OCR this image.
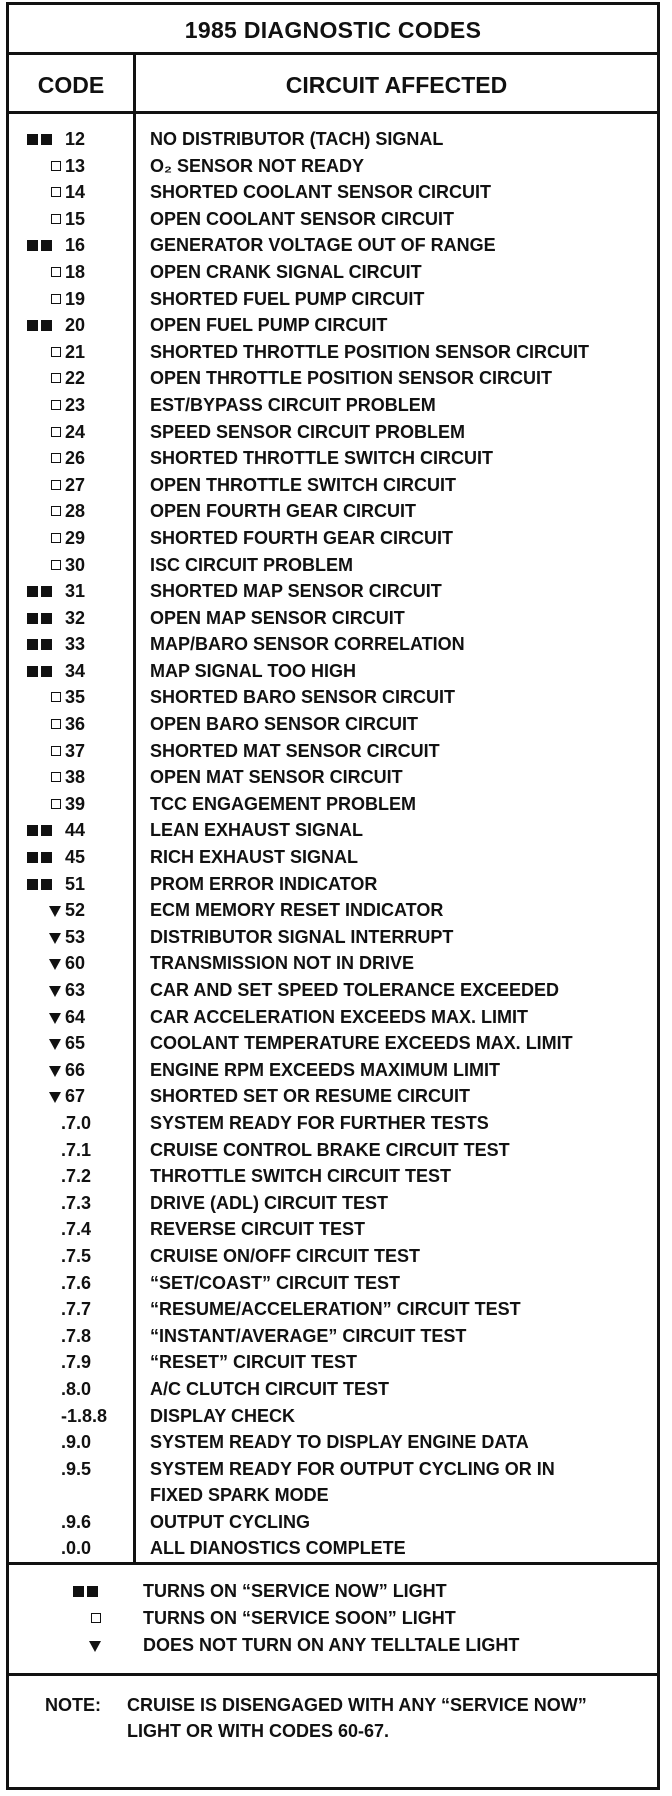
1985 DIAGNOSTIC CODES
CODE	CIRCUIT AFFECTED
12	NO DISTRIBUTOR (TACH) SIGNAL
13	O₂ SENSOR NOT READY
14	SHORTED COOLANT SENSOR CIRCUIT
15	OPEN COOLANT SENSOR CIRCUIT
16	GENERATOR VOLTAGE OUT OF RANGE
18	OPEN CRANK SIGNAL CIRCUIT
19	SHORTED FUEL PUMP CIRCUIT
20	OPEN FUEL PUMP CIRCUIT
21	SHORTED THROTTLE POSITION SENSOR CIRCUIT
22	OPEN THROTTLE POSITION SENSOR CIRCUIT
23	EST/BYPASS CIRCUIT PROBLEM
24	SPEED SENSOR CIRCUIT PROBLEM
26	SHORTED THROTTLE SWITCH CIRCUIT
27	OPEN THROTTLE SWITCH CIRCUIT
28	OPEN FOURTH GEAR CIRCUIT
29	SHORTED FOURTH GEAR CIRCUIT
30	ISC CIRCUIT PROBLEM
31	SHORTED MAP SENSOR CIRCUIT
32	OPEN MAP SENSOR CIRCUIT
33	MAP/BARO SENSOR CORRELATION
34	MAP SIGNAL TOO HIGH
35	SHORTED BARO SENSOR CIRCUIT
36	OPEN BARO SENSOR CIRCUIT
37	SHORTED MAT SENSOR CIRCUIT
38	OPEN MAT SENSOR CIRCUIT
39	TCC ENGAGEMENT PROBLEM
44	LEAN EXHAUST SIGNAL
45	RICH EXHAUST SIGNAL
51	PROM ERROR INDICATOR
52	ECM MEMORY RESET INDICATOR
53	DISTRIBUTOR SIGNAL INTERRUPT
60	TRANSMISSION NOT IN DRIVE
63	CAR AND SET SPEED TOLERANCE EXCEEDED
64	CAR ACCELERATION EXCEEDS MAX. LIMIT
65	COOLANT TEMPERATURE EXCEEDS MAX. LIMIT
66	ENGINE RPM EXCEEDS MAXIMUM LIMIT
67	SHORTED SET OR RESUME CIRCUIT
.7.0	SYSTEM READY FOR FURTHER TESTS
.7.1	CRUISE CONTROL BRAKE CIRCUIT TEST
.7.2	THROTTLE SWITCH CIRCUIT TEST
.7.3	DRIVE (ADL) CIRCUIT TEST
.7.4	REVERSE CIRCUIT TEST
.7.5	CRUISE ON/OFF CIRCUIT TEST
.7.6	“SET/COAST” CIRCUIT TEST
.7.7	“RESUME/ACCELERATION” CIRCUIT TEST
.7.8	“INSTANT/AVERAGE” CIRCUIT TEST
.7.9	“RESET” CIRCUIT TEST
.8.0	A/C CLUTCH CIRCUIT TEST
-1.8.8 DISPLAY CHECK
.9.0	SYSTEM READY TO DISPLAY ENGINE DATA
.9.5	SYSTEM READY FOR OUTPUT CYCLING OR IN
FIXED SPARK MODE
.9.6	OUTPUT CYCLING
.0.0	ALL DIANOSTICS COMPLETE
TURNS ON “SERVICE NOW” LIGHT
TURNS ON “SERVICE SOON” LIGHT
DOES NOT TURN ON ANY TELLTALE LIGHT
NOTE: CRUISE IS DISENGAGED WITH ANY “SERVICE NOW” LIGHT OR WITH CODES 60-67.
